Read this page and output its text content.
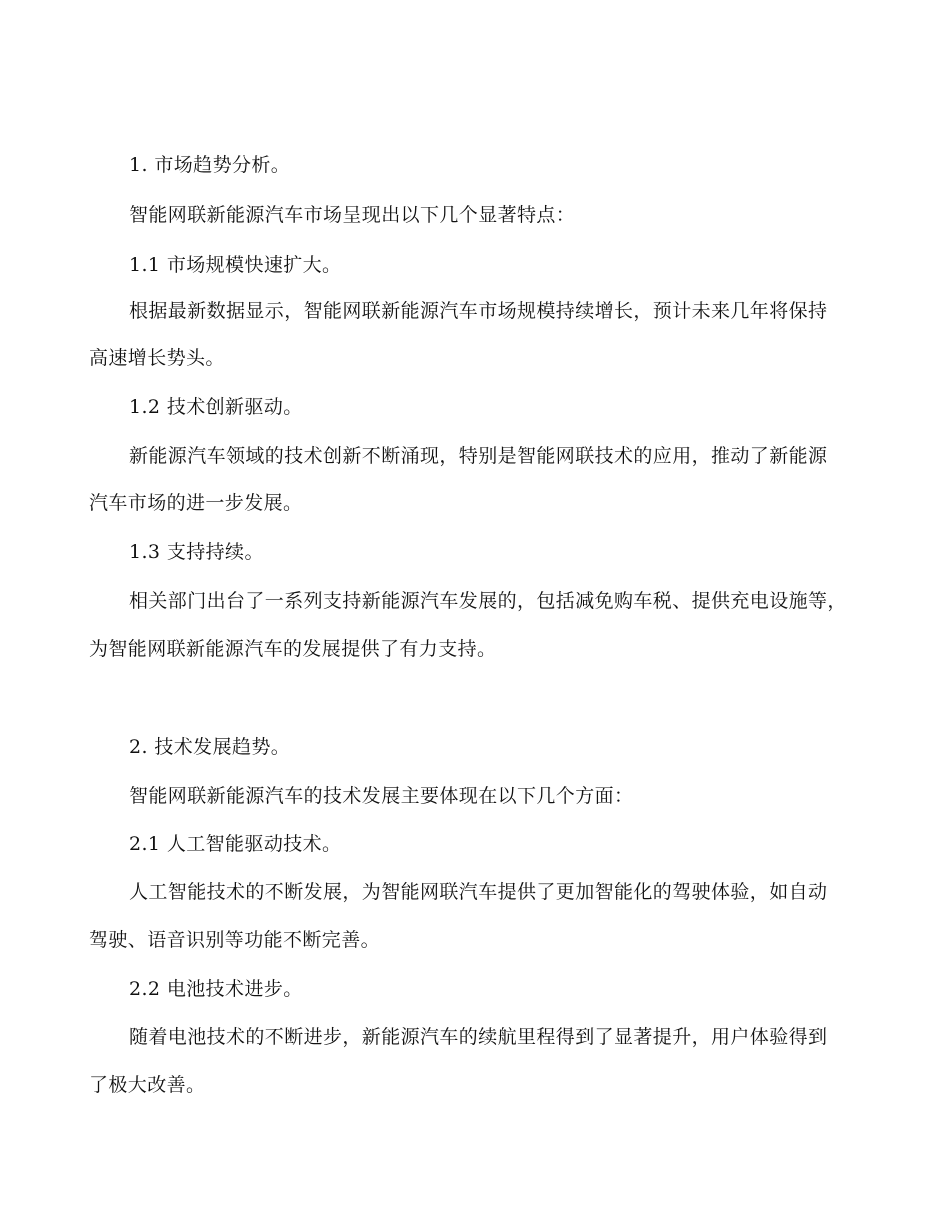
1. 市场趋势分析。
智能网联新能源汽车市场呈现出以下几个显著特点：
1.1 市场规模快速扩大。
根据最新数据显示，智能网联新能源汽车市场规模持续增长，预计未来几年将保持
高速增长势头。
1.2 技术创新驱动。
新能源汽车领域的技术创新不断涌现，特别是智能网联技术的应用，推动了新能源
汽车市场的进一步发展。
1.3 支持持续。
相关部门出台了一系列支持新能源汽车发展的，包括减免购车税、提供充电设施等，
为智能网联新能源汽车的发展提供了有力支持。
2. 技术发展趋势。
智能网联新能源汽车的技术发展主要体现在以下几个方面：
2.1 人工智能驱动技术。
人工智能技术的不断发展，为智能网联汽车提供了更加智能化的驾驶体验，如自动
驾驶、语音识别等功能不断完善。
2.2 电池技术进步。
随着电池技术的不断进步，新能源汽车的续航里程得到了显著提升，用户体验得到
了极大改善。
